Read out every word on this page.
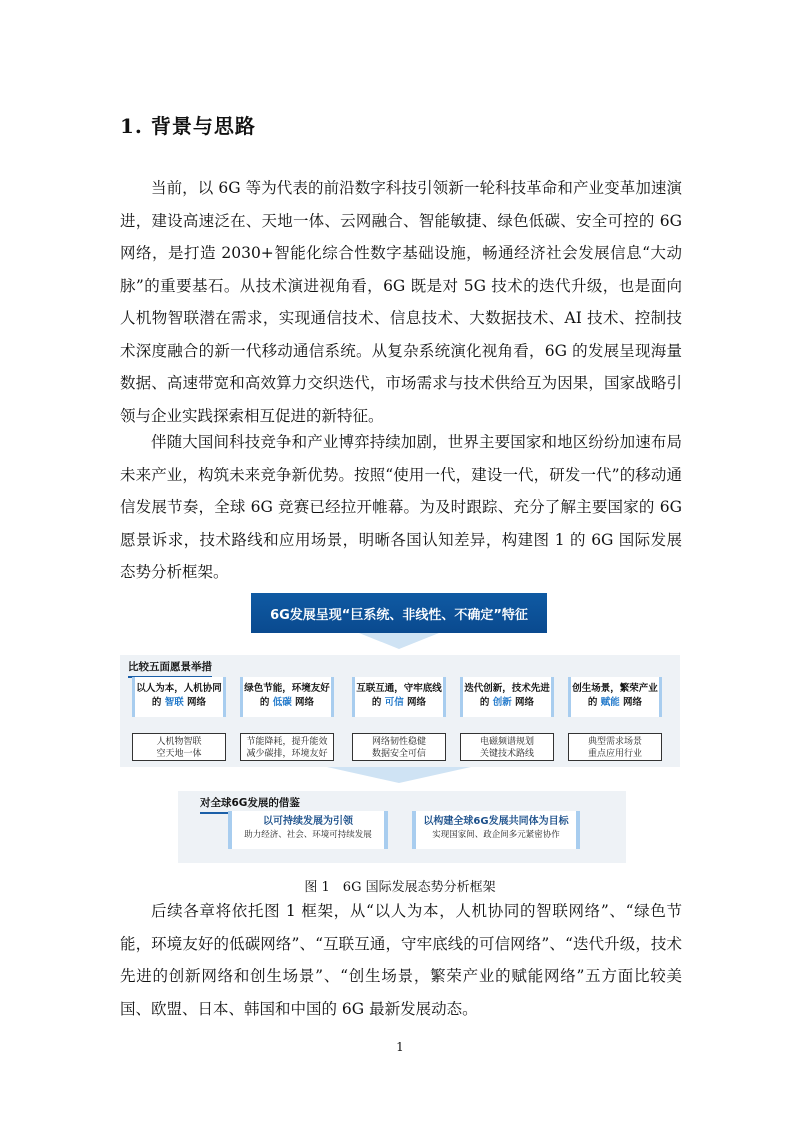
1. 背景与思路
当前，以 6G 等为代表的前沿数字科技引领新一轮科技革命和产业变革加速演进，建设高速泛在、天地一体、云网融合、智能敏捷、绿色低碳、安全可控的 6G 网络，是打造 2030+智能化综合性数字基础设施，畅通经济社会发展信息“大动脉”的重要基石。从技术演进视角看，6G 既是对 5G 技术的迭代升级，也是面向人机物智联潜在需求，实现通信技术、信息技术、大数据技术、AI 技术、控制技术深度融合的新一代移动通信系统。从复杂系统演化视角看，6G 的发展呈现海量数据、高速带宽和高效算力交织迭代，市场需求与技术供给互为因果，国家战略引领与企业实践探索相互促进的新特征。
伴随大国间科技竞争和产业博弈持续加剧，世界主要国家和地区纷纷加速布局未来产业，构筑未来竞争新优势。按照“使用一代，建设一代，研发一代”的移动通信发展节奏，全球 6G 竞赛已经拉开帷幕。为及时跟踪、充分了解主要国家的 6G 愿景诉求，技术路线和应用场景，明晰各国认知差异，构建图 1 的 6G 国际发展态势分析框架。
6G发展呈现“巨系统、非线性、不确定”特征
比较五面愿景举措
以人为本，人机协同
的 智联 网络
绿色节能，环境友好
的 低碳 网络
互联互通，守牢底线
的 可信 网络
迭代创新，技术先进
的 创新 网络
创生场景，繁荣产业
的 赋能 网络
人机物智联
空天地一体
节能降耗，提升能效
减少碳排，环境友好
网络韧性稳健
数据安全可信
电磁频谱规划
关键技术路线
典型需求场景
重点应用行业
对全球6G发展的借鉴
以可持续发展为引领
助力经济、社会、环境可持续发展
以构建全球6G发展共同体为目标
实现国家间、政企间多元紧密协作
图 1　6G 国际发展态势分析框架
后续各章将依托图 1 框架，从“以人为本，人机协同的智联网络”、“绿色节能，环境友好的低碳网络”、“互联互通，守牢底线的可信网络”、“迭代升级，技术先进的创新网络和创生场景”、“创生场景，繁荣产业的赋能网络”五方面比较美国、欧盟、日本、韩国和中国的 6G 最新发展动态。
1
